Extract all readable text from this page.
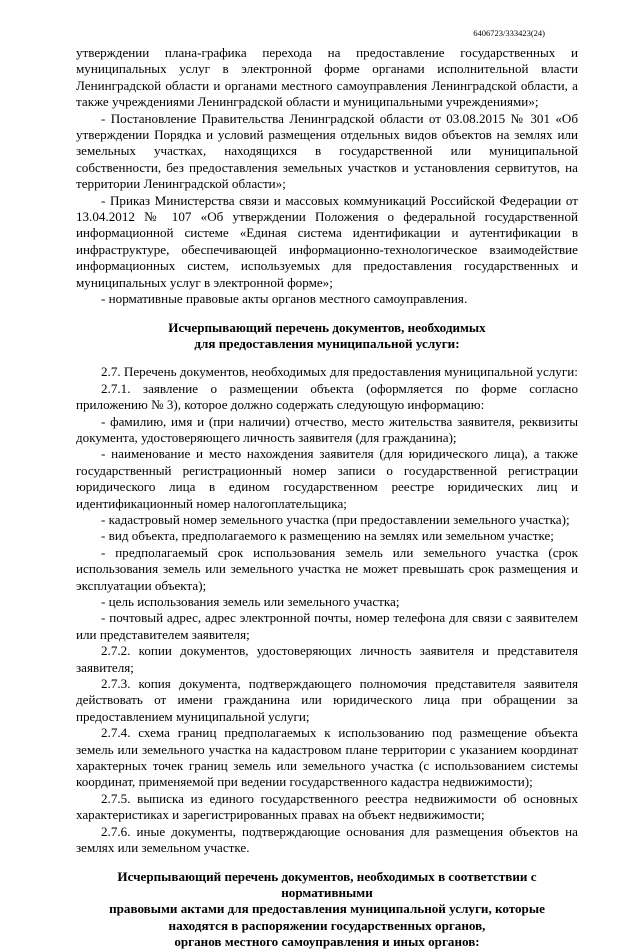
6406723/333423(24)

утверждении плана-графика перехода на предоставление государственных и муниципальных услуг в электронной форме органами исполнительной власти Ленинградской области и органами местного самоуправления Ленинградской области, а также учреждениями Ленинградской области и муниципальными учреждениями»;

- Постановление Правительства Ленинградской области от 03.08.2015 № 301 «Об утверждении Порядка и условий размещения отдельных видов объектов на землях или земельных участках, находящихся в государственной или муниципальной собственности, без предоставления земельных участков и установления сервитутов, на территории Ленинградской области»;

- Приказ Министерства связи и массовых коммуникаций Российской Федерации от 13.04.2012 № 107 «Об утверждении Положения о федеральной государственной информационной системе «Единая система идентификации и аутентификации в инфраструктуре, обеспечивающей информационно-технологическое взаимодействие информационных систем, используемых для предоставления государственных и муниципальных услуг в электронной форме»;

- нормативные правовые акты органов местного самоуправления.

Исчерпывающий перечень документов, необходимых
для предоставления муниципальной услуги:

2.7. Перечень документов, необходимых для предоставления муниципальной услуги:

2.7.1. заявление о размещении объекта (оформляется по форме согласно приложению № 3), которое должно содержать следующую информацию:

- фамилию, имя и (при наличии) отчество, место жительства заявителя, реквизиты документа, удостоверяющего личность заявителя (для гражданина);

- наименование и место нахождения заявителя (для юридического лица), а также государственный регистрационный номер записи о государственной регистрации юридического лица в едином государственном реестре юридических лиц и идентификационный номер налогоплательщика;

- кадастровый номер земельного участка (при предоставлении земельного участка);

- вид объекта, предполагаемого к размещению на землях или земельном участке;

- предполагаемый срок использования земель или земельного участка (срок использования земель или земельного участка не может превышать срок размещения и эксплуатации объекта);

- цель использования земель или земельного участка;

- почтовый адрес, адрес электронной почты, номер телефона для связи с заявителем или представителем заявителя;

2.7.2. копии документов, удостоверяющих личность заявителя и представителя заявителя;

2.7.3. копия документа, подтверждающего полномочия представителя заявителя действовать от имени гражданина или юридического лица при обращении за предоставлением муниципальной услуги;

2.7.4. схема границ предполагаемых к использованию под размещение объекта земель или земельного участка на кадастровом плане территории с указанием координат характерных точек границ земель или земельного участка (с использованием системы координат, применяемой при ведении государственного кадастра недвижимости);

2.7.5. выписка из единого государственного реестра недвижимости об основных характеристиках и зарегистрированных правах на объект недвижимости;

2.7.6. иные документы, подтверждающие основания для размещения объектов на землях или земельном участке.

Исчерпывающий перечень документов, необходимых в соответствии с нормативными
правовыми актами для предоставления муниципальной услуги, которые
находятся в распоряжении государственных органов,
органов местного самоуправления и иных органов:
